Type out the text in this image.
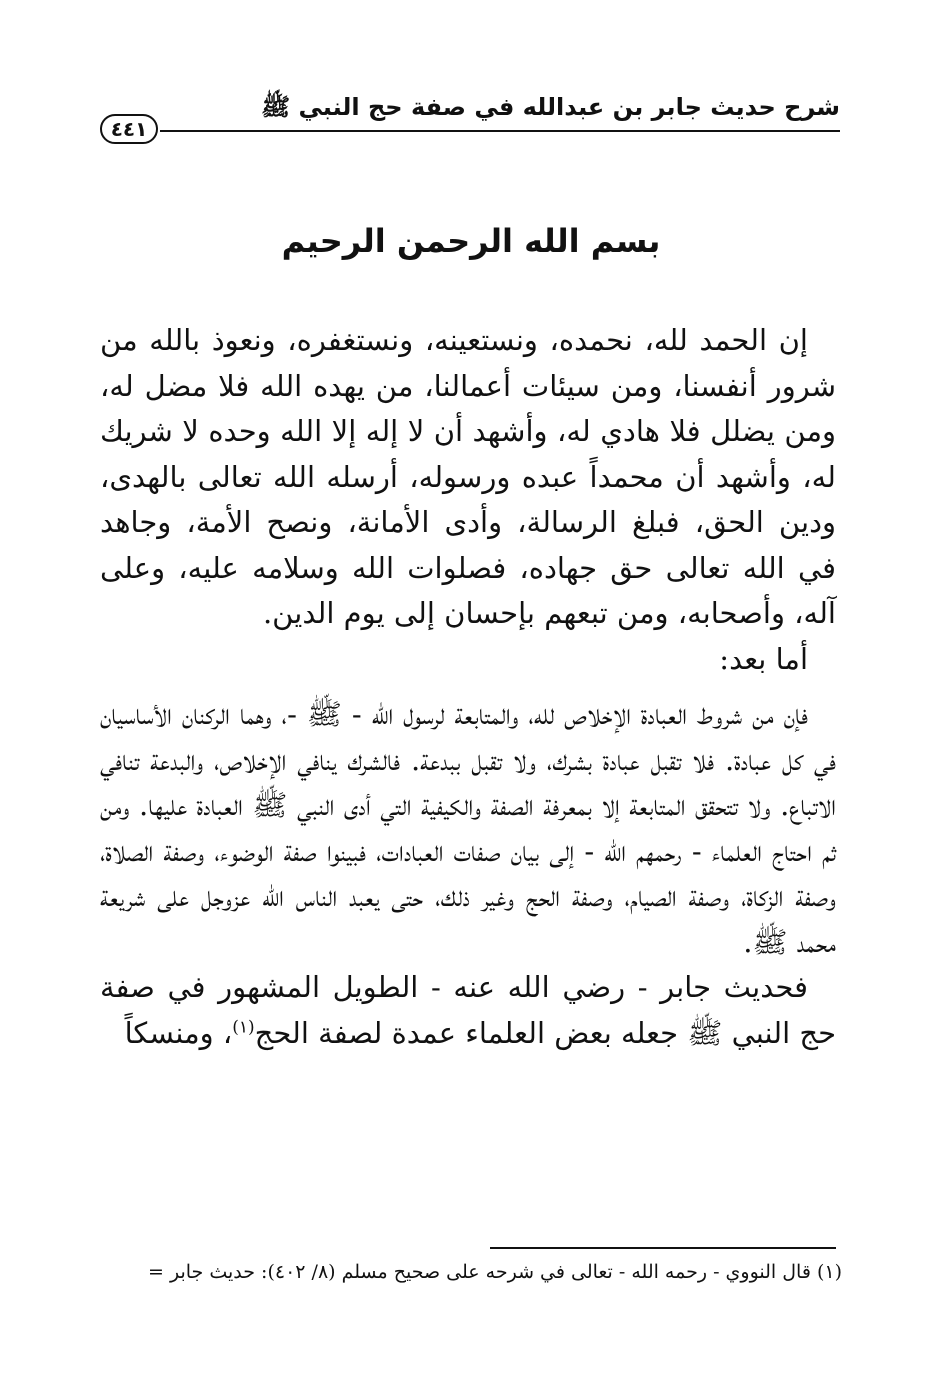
شرح حديث جابر بن عبدالله في صفة حج النبي ﷺ
٤٤١
بسم الله الرحمن الرحيم

إن الحمد لله، نحمده، ونستعينه، ونستغفره، ونعوذ بالله من شرور أنفسنا، ومن سيئات أعمالنا، من يهده الله فلا مضل له، ومن يضلل فلا هادي له، وأشهد أن لا إله إلا الله وحده لا شريك له، وأشهد أن محمداً عبده ورسوله، أرسله الله تعالى بالهدى، ودين الحق، فبلغ الرسالة، وأدى الأمانة، ونصح الأمة، وجاهد في الله تعالى حق جهاده، فصلوات الله وسلامه عليه، وعلى آله، وأصحابه، ومن تبعهم بإحسان إلى يوم الدين.

أما بعد:

فإن من شروط العبادة الإخلاص لله، والمتابعة لرسول الله - ﷺ -، وهما الركنان الأساسيان في كل عبادة. فلا تقبل عبادة بشرك، ولا تقبل ببدعة. فالشرك ينافي الإخلاص، والبدعة تنافي الاتباع. ولا تتحقق المتابعة إلا بمعرفة الصفة والكيفية التي أدى النبي ﷺ العبادة عليها. ومن ثم احتاج العلماء - رحمهم الله - إلى بيان صفات العبادات، فبينوا صفة الوضوء، وصفة الصلاة، وصفة الزكاة، وصفة الصيام، وصفة الحج وغير ذلك، حتى يعبد الناس الله عزوجل على شريعة محمد ﷺ.

فحديث جابر - رضي الله عنه - الطويل المشهور في صفة حج النبي ﷺ جعله بعض العلماء عمدة لصفة الحج$^{(١)}$، ومنسكاً

(١) قال النووي - رحمه الله - تعالى في شرحه على صحيح مسلم (٨/ ٤٠٢): حديث جابر =
